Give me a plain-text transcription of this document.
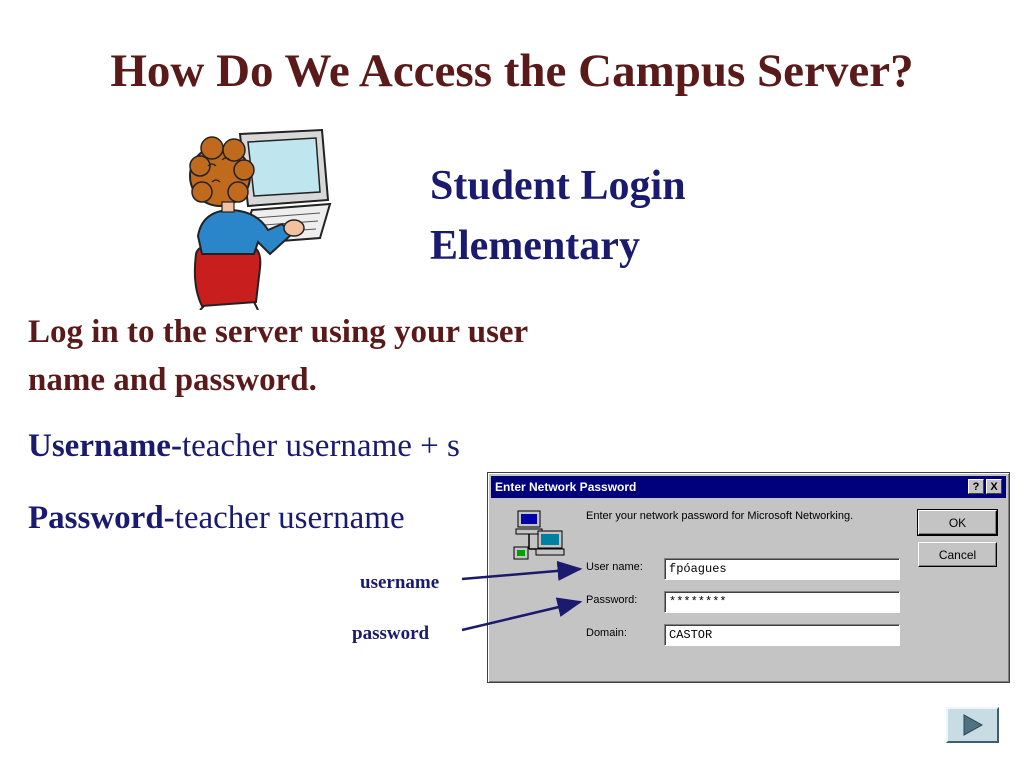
How Do We Access the Campus Server?
Student Login
Elementary
Log in to the server using your user name and password.
Username-teacher username + s
Password-teacher username
username
password
Enter Network Password	? X
Enter your network password for Microsoft Networking.
User name:
fpóagues
Password:
********
Domain:
CASTOR
OK
Cancel
